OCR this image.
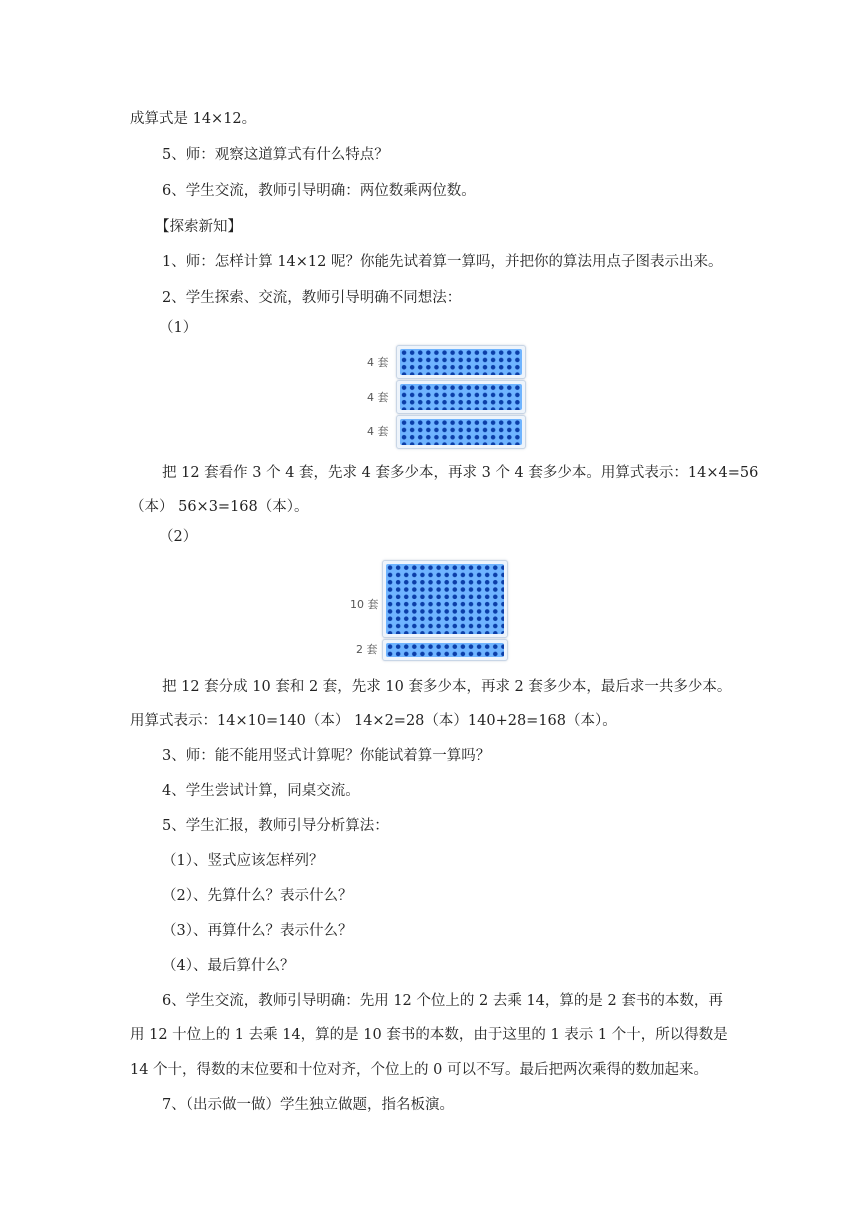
成算式是 14×12。
5、师：观察这道算式有什么特点？
6、学生交流，教师引导明确：两位数乘两位数。
【探索新知】
1、师：怎样计算 14×12 呢？你能先试着算一算吗，并把你的算法用点子图表示出来。
2、学生探索、交流，教师引导明确不同想法：
（1）
4 套
4 套
4 套
把 12 套看作 3 个 4 套，先求 4 套多少本，再求 3 个 4 套多少本。用算式表示：14×4=56
（本） 56×3=168（本）。
（2）
10 套
2 套
把 12 套分成 10 套和 2 套，先求 10 套多少本，再求 2 套多少本，最后求一共多少本。
用算式表示：14×10=140（本） 14×2=28（本）140+28=168（本）。
3、师：能不能用竖式计算呢？你能试着算一算吗？
4、学生尝试计算，同桌交流。
5、学生汇报，教师引导分析算法：
（1）、竖式应该怎样列？
（2）、先算什么？表示什么？
（3）、再算什么？表示什么？
（4）、最后算什么？
6、学生交流，教师引导明确：先用 12 个位上的 2 去乘 14，算的是 2 套书的本数，再
用 12 十位上的 1 去乘 14，算的是 10 套书的本数，由于这里的 1 表示 1 个十，所以得数是
14 个十，得数的末位要和十位对齐，个位上的 0 可以不写。最后把两次乘得的数加起来。
7、（出示做一做）学生独立做题，指名板演。
